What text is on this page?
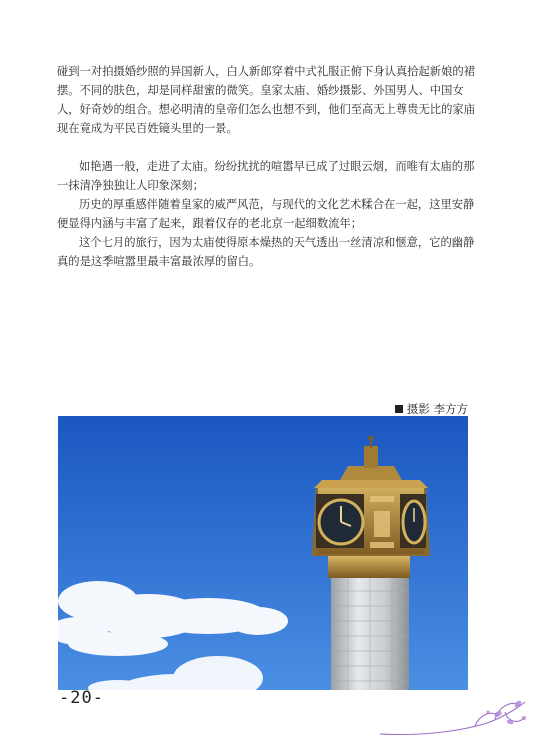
碰到一对拍摄婚纱照的异国新人，白人新郎穿着中式礼服正俯下身认真拾起新娘的裙摆。不同的肤色，却是同样甜蜜的微笑。皇家太庙、婚纱摄影、外国男人、中国女人，好奇妙的组合。想必明清的皇帝们怎么也想不到，他们至高无上尊贵无比的家庙现在竟成为平民百姓镜头里的一景。

如艳遇一般，走进了太庙。纷纷扰扰的喧嚣早已成了过眼云烟，而唯有太庙的那一抹清净独独让人印象深刻；

历史的厚重感伴随着皇家的威严风范，与现代的文化艺术糅合在一起，这里安静便显得内涵与丰富了起来，跟着仅存的老北京一起细数流年；

这个七月的旅行，因为太庙使得原本燥热的天气透出一丝清凉和惬意，它的幽静真的是这季喧嚣里最丰富最浓厚的留白。

摄影 李方方
-20-
